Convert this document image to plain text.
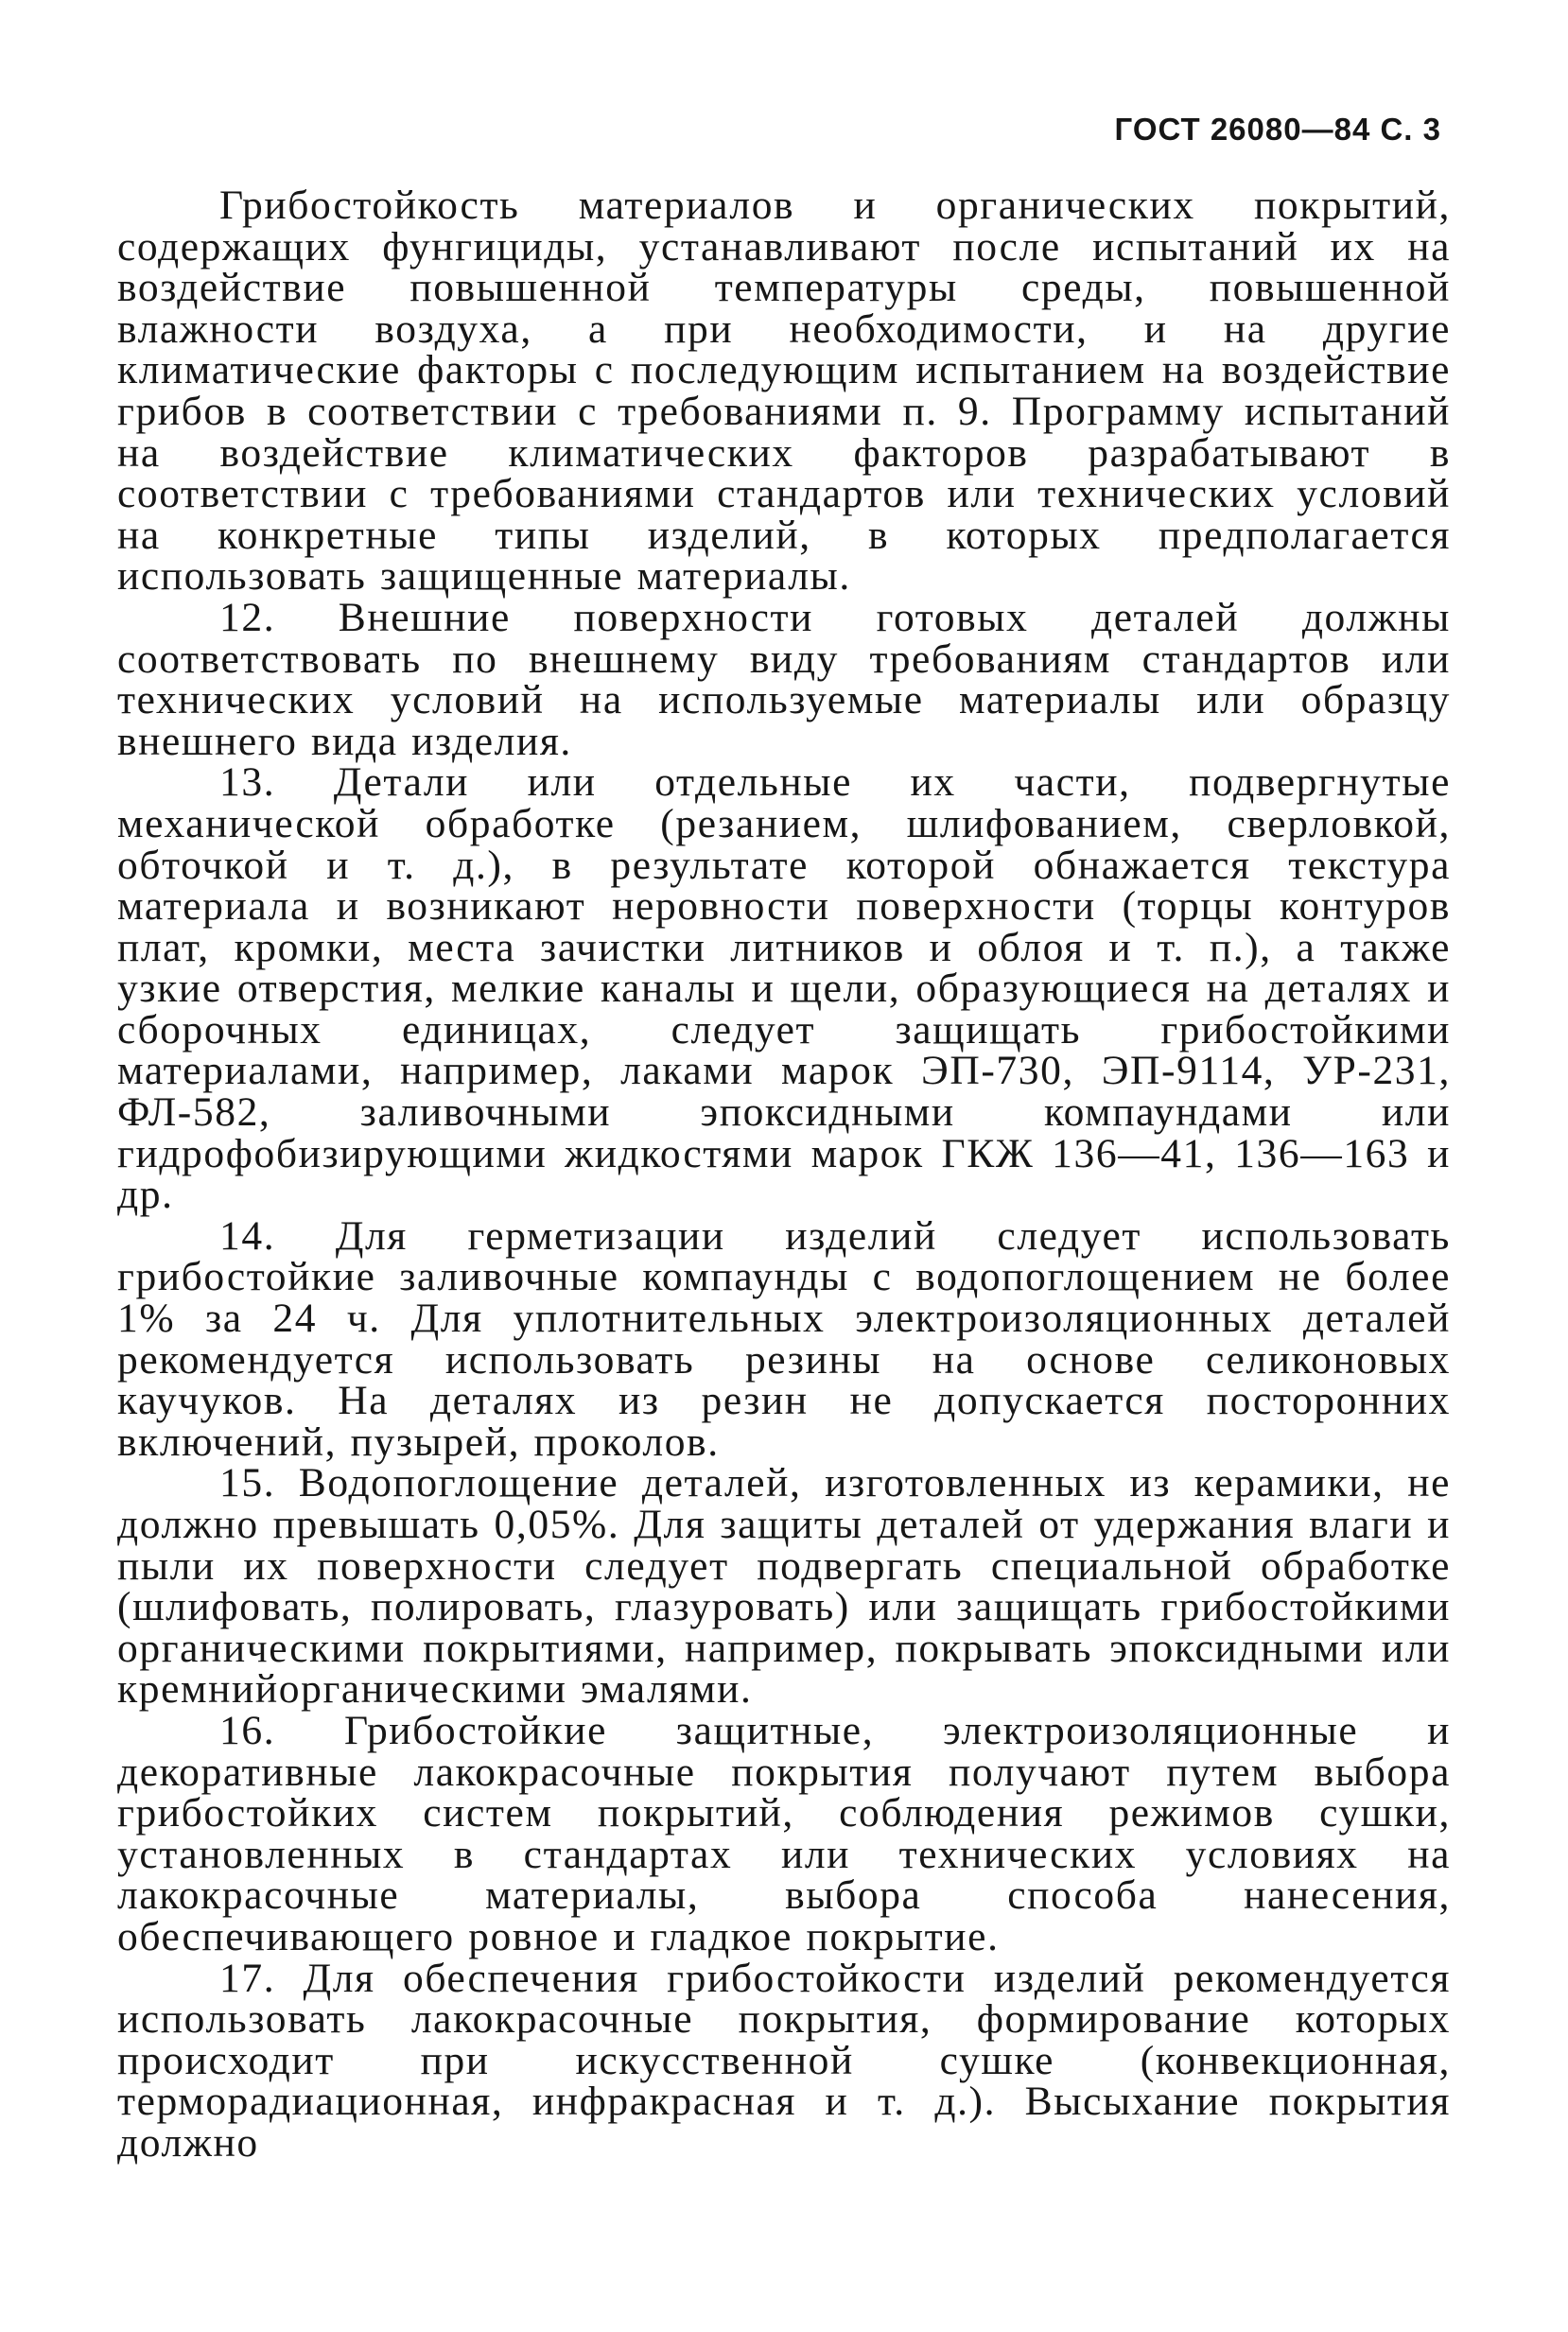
ГОСТ 26080—84 С. 3

Грибостойкость материалов и органических покрытий, содержащих фунгициды, устанавливают после испытаний их на воздействие повышенной температуры среды, повышенной влажности воздуха, а при необходимости, и на другие климатические факторы с последующим испытанием на воздействие грибов в соответствии с требованиями п. 9. Программу испытаний на воздействие климатических факторов разрабатывают в соответствии с требованиями стандартов или технических условий на конкретные типы изделий, в которых предполагается использовать защищенные материалы.

12. Внешние поверхности готовых деталей должны соответствовать по внешнему виду требованиям стандартов или технических условий на используемые материалы или образцу внешнего вида изделия.

13. Детали или отдельные их части, подвергнутые механической обработке (резанием, шлифованием, сверловкой, обточкой и т. д.), в результате которой обнажается текстура материала и возникают неровности поверхности (торцы контуров плат, кромки, места зачистки литников и облоя и т. п.), а также узкие отверстия, мелкие каналы и щели, образующиеся на деталях и сборочных единицах, следует защищать грибостойкими материалами, например, лаками марок ЭП-730, ЭП-9114, УР-231, ФЛ-582, заливочными эпоксидными компаундами или гидрофобизирующими жидкостями марок ГКЖ 136—41, 136—163 и др.

14. Для герметизации изделий следует использовать грибостойкие заливочные компаунды с водопоглощением не более 1% за 24 ч. Для уплотнительных электроизоляционных деталей рекомендуется использовать резины на основе селиконовых каучуков. На деталях из резин не допускается посторонних включений, пузырей, проколов.

15. Водопоглощение деталей, изготовленных из керамики, не должно превышать 0,05%. Для защиты деталей от удержания влаги и пыли их поверхности следует подвергать специальной обработке (шлифовать, полировать, глазуровать) или защищать грибостойкими органическими покрытиями, например, покрывать эпоксидными или кремнийорганическими эмалями.

16. Грибостойкие защитные, электроизоляционные и декоративные лакокрасочные покрытия получают путем выбора грибостойких систем покрытий, соблюдения режимов сушки, установленных в стандартах или технических условиях на лакокрасочные материалы, выбора способа нанесения, обеспечивающего ровное и гладкое покрытие.

17. Для обеспечения грибостойкости изделий рекомендуется использовать лакокрасочные покрытия, формирование которых происходит при искусственной сушке (конвекционная, терморадиационная, инфракрасная и т. д.). Высыхание покрытия должно
